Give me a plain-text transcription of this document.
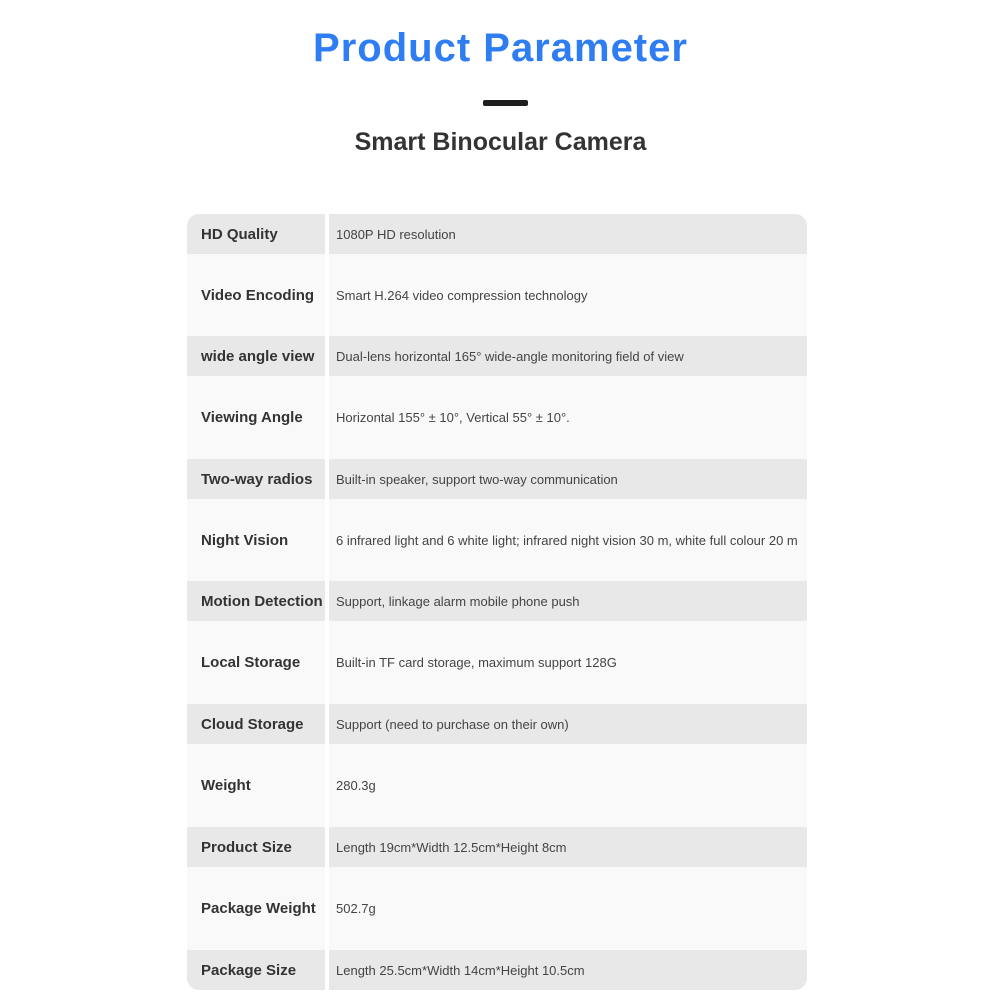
Product Parameter
Smart Binocular Camera
HD Quality	1080P HD resolution
Video Encoding	Smart H.264 video compression technology
wide angle view	Dual-lens horizontal 165° wide-angle monitoring field of view
Viewing Angle	Horizontal 155° ± 10°, Vertical 55° ± 10°.
Two-way radios	Built-in speaker, support two-way communication
Night Vision	6 infrared light and 6 white light; infrared night vision 30 m, white full colour 20 m
Motion Detection	Support, linkage alarm mobile phone push
Local Storage	Built-in TF card storage, maximum support 128G
Cloud Storage	Support (need to purchase on their own)
Weight	280.3g
Product Size	Length 19cm*Width 12.5cm*Height 8cm
Package Weight	502.7g
Package Size	Length 25.5cm*Width 14cm*Height 10.5cm
